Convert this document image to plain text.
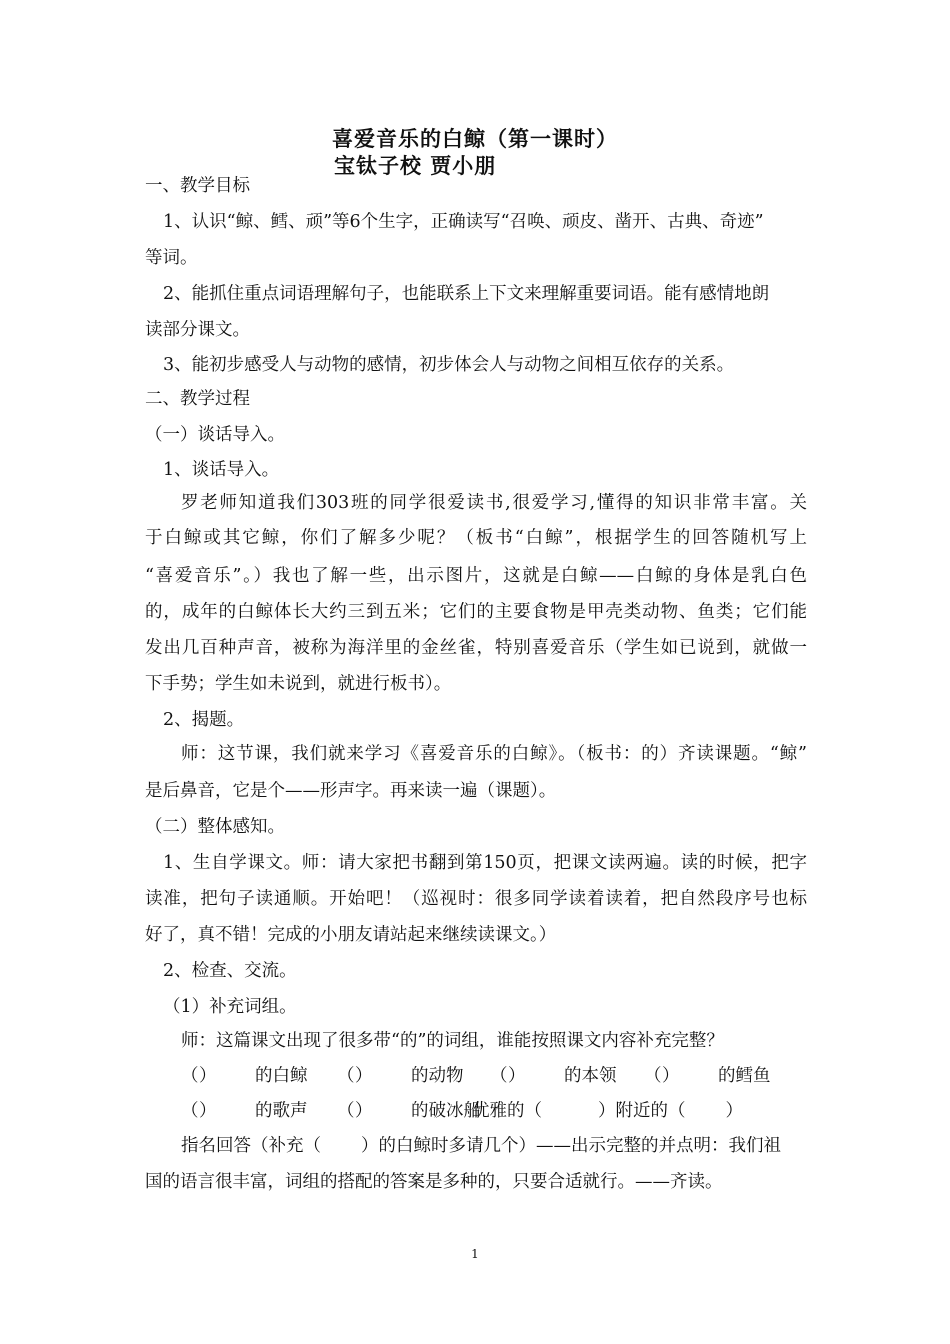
喜爱音乐的白鲸（第一课时）
宝钛子校 贾小朋
一、教学目标
1、认识“鲸、鳕、顽”等6个生字，正确读写“召唤、顽皮、凿开、古典、奇迹”
等词。
2、能抓住重点词语理解句子，也能联系上下文来理解重要词语。能有感情地朗
读部分课文。
3、能初步感受人与动物的感情，初步体会人与动物之间相互依存的关系。
二、教学过程
（一）谈话导入。
1、谈话导入。
罗老师知道我们303班的同学很爱读书,很爱学习,懂得的知识非常丰富。关
于白鲸或其它鲸，你们了解多少呢？（板书“白鲸”，根据学生的回答随机写上
“喜爱音乐”。）我也了解一些，出示图片，这就是白鲸——白鲸的身体是乳白色
的，成年的白鲸体长大约三到五米；它们的主要食物是甲壳类动物、鱼类；它们能
发出几百种声音，被称为海洋里的金丝雀，特别喜爱音乐（学生如已说到，就做一
下手势；学生如未说到，就进行板书）。
2、揭题。
师：这节课，我们就来学习《喜爱音乐的白鲸》。（板书：的）齐读课题。“鲸”
是后鼻音，它是个——形声字。再来读一遍（课题）。
（二）整体感知。
1、生自学课文。师：请大家把书翻到第150页，把课文读两遍。读的时候，把字
读准，把句子读通顺。开始吧！（巡视时：很多同学读着读着，把自然段序号也标
好了，真不错！完成的小朋友请站起来继续读课文。）
2、检查、交流。
（1）补充词组。
师：这篇课文出现了很多带“的”的词组，谁能按照课文内容补充完整？
（） 的白鲸 （） 的动物 （） 的本领 （） 的鳕鱼
（） 的歌声 （） 的破冰船
优雅的（	）附近的（ ）
指名回答（补充（ ）的白鲸时多请几个）——出示完整的并点明：我们祖
国的语言很丰富，词组的搭配的答案是多种的，只要合适就行。——齐读。
1
